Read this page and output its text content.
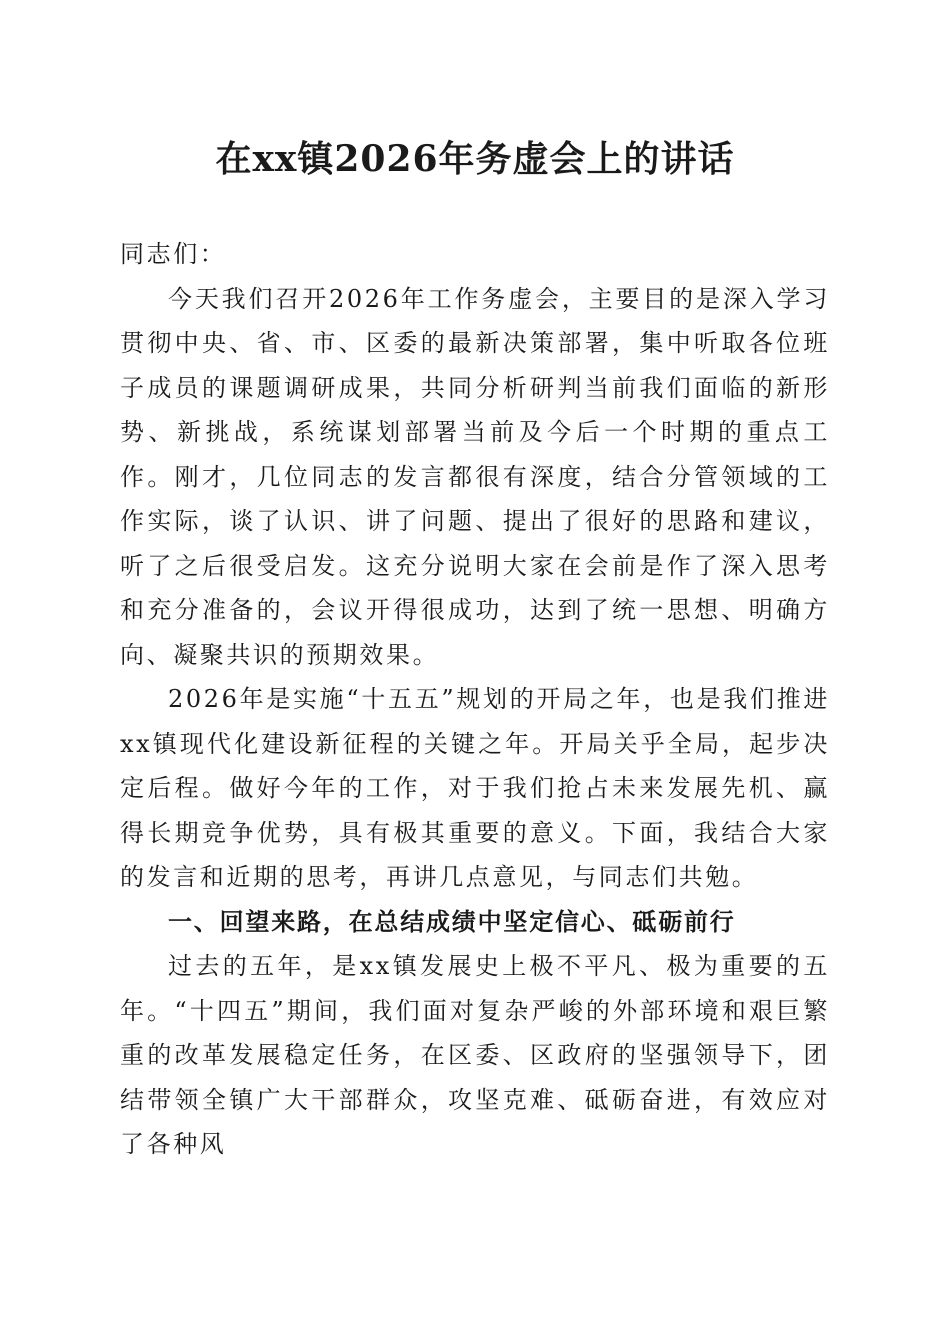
在xx镇2026年务虚会上的讲话

同志们：

今天我们召开2026年工作务虚会，主要目的是深入学习贯彻中央、省、市、区委的最新决策部署，集中听取各位班子成员的课题调研成果，共同分析研判当前我们面临的新形势、新挑战，系统谋划部署当前及今后一个时期的重点工作。刚才，几位同志的发言都很有深度，结合分管领域的工作实际，谈了认识、讲了问题、提出了很好的思路和建议，听了之后很受启发。这充分说明大家在会前是作了深入思考和充分准备的，会议开得很成功，达到了统一思想、明确方向、凝聚共识的预期效果。

2026年是实施“十五五”规划的开局之年，也是我们推进xx镇现代化建设新征程的关键之年。开局关乎全局，起步决定后程。做好今年的工作，对于我们抢占未来发展先机、赢得长期竞争优势，具有极其重要的意义。下面，我结合大家的发言和近期的思考，再讲几点意见，与同志们共勉。

一、回望来路，在总结成绩中坚定信心、砥砺前行

过去的五年，是xx镇发展史上极不平凡、极为重要的五年。“十四五”期间，我们面对复杂严峻的外部环境和艰巨繁重的改革发展稳定任务，在区委、区政府的坚强领导下，团结带领全镇广大干部群众，攻坚克难、砥砺奋进，有效应对了各种风
